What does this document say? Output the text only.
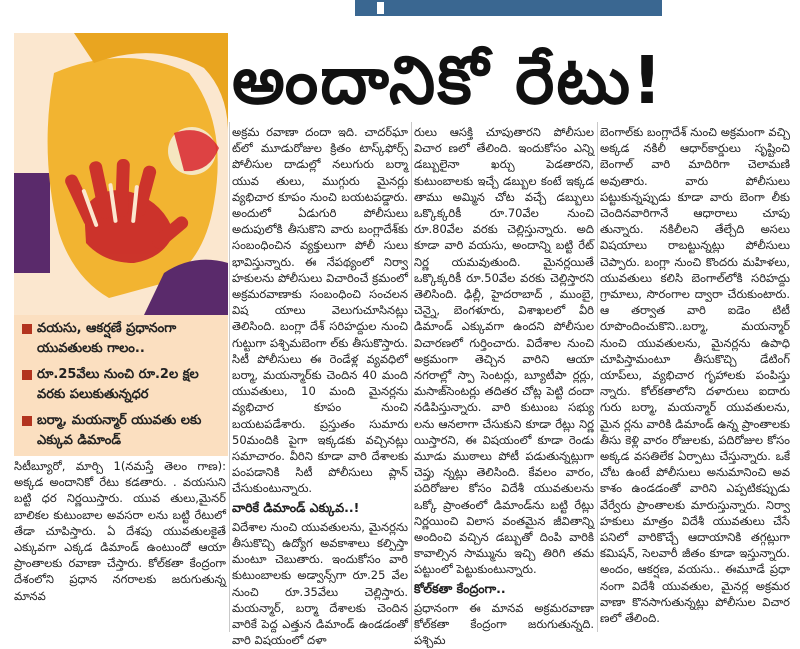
అందానికో రేటు!
వయసు, ఆకర్షణే ప్రధానంగా యువతులకు గాలం..
రూ.25వేలు నుంచి రూ.2ల క్షల వరకు పలుకుతున్నధర
బర్మా, మయన్మార్ యువతు లకు ఎక్కువ డిమాండ్

సిటీబ్యూరో, మార్చి 1(నమస్తే తెలం గాణ): అక్కడ అందానికో రేటు కడతారు. . వయసుని బట్టి ధర నిర్ణయిస్తారు. యువ తులు,మైనర్ బాలికల కుటుంబాల అవసరా లను బట్టి రేటులో తేడా చూపిస్తారు. ఏ దేశపు యువతులకైతే ఎక్కువగా ఎక్కడ డిమాండ్ ఉంటుందో ఆయా ప్రాంతాలకు రవాణా చేస్తారు. కోల్‌కతా కేంద్రంగా దేశంలోని ప్రధాన నగరాలకు జరుగుతున్న మానవ

అక్రమ రవాణా దందా ఇది. చాదర్‌ఘా ట్‌లో మూడురోజుల క్రితం టాస్క్‌ఫోర్స్ పోలీసుల దాడుల్లో నలుగురు బర్మా యువ తులు, ముగ్గురు మైనర్లు వ్యభిచార కూపం నుంచి బయటపడ్డారు. అందులో ఏడుగురి పోలీసులు అదుపులోకి తీసుకొని వారు బంగ్లాదేశ్‌కు సంబంధించిన వ్యక్తులుగా పోలీ సులు భావిస్తున్నారు. ఈ నేపథ్యంలో నిర్వా హకులను పోలీసులు విచారించే క్రమంలో అక్రమరవాణాకు సంబంధించి సంచలన విష యాలు వెలుగుచూసినట్లు తెలిసింది. బంగ్లా దేశ్ సరిహద్దుల నుంచి గుట్టుగా పశ్చిమబెంగా ల్‌కు తీసుకొస్తారు. సిటీ పోలీసులు ఈ రెండేళ్ల వ్యవధిలో బర్మా, మయన్మార్‌కు చెందిన 40 మంది యువతులు, 10 మంది మైనర్లను వ్యభిచార కూపం నుంచి బయటపడేశారు. ప్రస్తుతం సుమారు 50మందికి పైగా ఇక్కడకు వచ్చినట్లు సమాచారం. వీరిని కూడా వారి దేశాలకు పంపడానికి సిటీ పోలీసులు ప్లాన్ చేసుకుంటున్నారు.

వారికే డిమాండ్ ఎక్కువ..!

విదేశాల నుంచి యువతులను, మైనర్లను తీసుకొచ్చి ఉద్యోగ అవకాశాలు కల్పిస్తా మంటూ చెబుతారు. ఇందుకోసం వారి కుటుంబాలకు అడ్వాన్స్‌గా రూ.25 వేల నుంచి రూ.35వేలు చెల్లిస్తారు. మయన్మార్, బర్మా దేశాలకు చెందిన వారికే పెద్ద ఎత్తున డిమాండ్ ఉండడంతో వారి విషయంలో దళా

రులు ఆసక్తి చూపుతారని పోలీసుల విచార ణలో తేలింది. ఇందుకోసం ఎన్ని డబ్బులైనా ఖర్చు పెడతారని, కుటుంబాలకు ఇచ్చే డబ్బుల కంటే ఇక్కడ తాము అమ్మిన చోట వచ్చే డబ్బులు ఒక్కొక్కరికీ రూ.70వేల నుంచి రూ.80వేల వరకు చెల్లిస్తున్నారు. అది కూడా వారి వయసు, అందాన్ని బట్టి రేట్ నిర్ణ యమవుతుంది. మైనర్లయితే ఒక్కొక్కరికీ రూ.50వేల వరకు చెల్లిస్తారని తెలిసింది. ఢిల్లీ, హైదరాబాద్ , ముంబై, చెన్నై, బెంగళూరు, విశాఖలలో వీరి డిమాండ్ ఎక్కువగా ఉందని పోలీసుల విచారణలో గుర్తించారు. విదేశాల నుంచి అక్రమంగా తెచ్చిన వారిని ఆయా నగరాల్లో స్పా సెంటర్లు, బ్యూటీపా ర్లర్లు, మసాజ్‌సెంటర్లు తదితర చోట్ల పెట్టి దందా నడిపిస్తున్నారు. వారి కుటుంబ సభ్యు లను ఆనలాగా చేసుకుని కూడా రేట్లు నిర్ణ యిస్తారని, ఈ విషయంలో కూడా రెండు మూడు ముఠాలు పోటీ పడుతున్నట్లుగా చెప్తు న్నట్లు తెలిసింది. కేవలం వారం, పదిరోజుల కోసం విదేశీ యువతులను ఒక్కో ప్రాంతంలో డిమాండ్‌ను బట్టి రేట్లు నిర్ణయించి విలాస వంతమైన జీవితాన్ని అందించి వచ్చిన డబ్బుతో దింపి వారికి కావాల్సిన సామ్మును ఇచ్చి తిరిగి తమ పట్టుంలో పెట్టుకుంటున్నారు.

కోల్‌కతా కేంద్రంగా..

ప్రధానంగా ఈ మానవ అక్రమరవాణా కోల్‌కతా కేంద్రంగా జరుగుతున్నది. పశ్చిమ

బెంగాల్‌కు బంగ్లాదేశ్ నుంచి అక్రమంగా వచ్చి అక్కడ నకిలీ ఆధార్‌కార్డులు సృష్టించి బెంగాల్ వారి మాదిరిగా చెలామణి అవుతారు. వారు పోలీసులు పట్టుకున్నప్పుడు కూడా వారు బెంగా లీకు చెందినవారిగానే ఆధారాలు చూపు తున్నారు. నకిలీలని తేల్చేది అసలు విషయాలు రాబట్టున్నట్లు పోలీసులు చెప్పారు. బంగ్లా నుంచి కొందరు మహిళలు, యువతులు కలిసి బెంగాల్‌లోకి సరిహద్దు గ్రామాలు, సొరంగాల ద్వారా చేరుకుంటారు. ఆ తర్వాత వారి ఐడెం టిటీ రూపొందించుకొని..బర్మా, మయన్మార్ నుంచి యువతులను, మైనర్లను ఉపాధి చూపిస్తామంటూ తీసుకొచ్చి డేటింగ్ యాప్‌లు, వ్యభిచార గృహాలకు పంపిస్తు న్నారు. కోల్‌కతాలోని దళారులు ఐదారు గురు బర్మా, మయన్మార్ యువతులను, మైన ర్లను వారికి డిమాండ్ ఉన్న ప్రాంతాలకు తీసు కెళ్లి వారం రోజులకు, పదిరోజుల కోసం అక్కడ వసతిలేక ఏర్పాటు చేస్తున్నారు. ఒకే చోట ఉంటే పోలీసులు అనుమానించి అవ కాశం ఉండడంతో వారిని ఎప్పటికప్పుడు వేర్వేరు ప్రాంతాలకు మారుస్తున్నారు. నిర్వా హకులు మాత్రం విదేశీ యువతులు చేసే పనిలో వారికొచ్చే ఆదాయానికి తగ్గట్లుగా కమిషన్, సెలవారీ జీతం కూడా ఇస్తున్నారు. అందం, ఆకర్షణ, వయసు.. ఈమూడే ప్రధా నంగా విదేశీ యువతుల, మైనర్ల అక్రమర వాణా కొనసాగుతున్నట్లు పోలీసుల విచార ణలో తేలింది.
